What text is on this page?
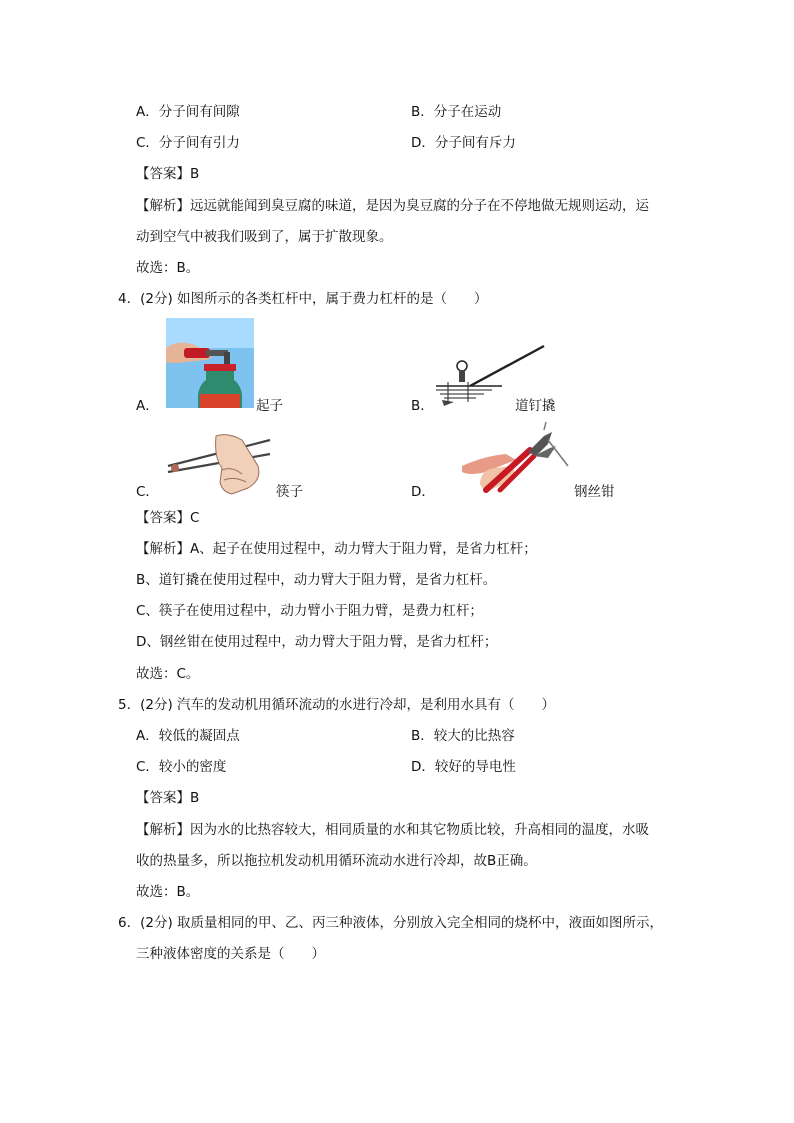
A．分子间有间隙	B．分子在运动
C．分子间有引力	D．分子间有斥力
【答案】B
【解析】远远就能闻到臭豆腐的味道，是因为臭豆腐的分子在不停地做无规则运动，运
动到空气中被我们吸到了，属于扩散现象。
故选：B。
4．(2分) 如图所示的各类杠杆中，属于费力杠杆的是（　　）
A．	起子	B．	道钉撬
C．	筷子	D．	钢丝钳
【答案】C
【解析】A、起子在使用过程中，动力臂大于阻力臂，是省力杠杆；
B、道钉撬在使用过程中，动力臂大于阻力臂，是省力杠杆。
C、筷子在使用过程中，动力臂小于阻力臂，是费力杠杆；
D、钢丝钳在使用过程中，动力臂大于阻力臂，是省力杠杆；
故选：C。
5．(2分) 汽车的发动机用循环流动的水进行冷却，是利用水具有（　　）
A．较低的凝固点	B．较大的比热容
C．较小的密度	D．较好的导电性
【答案】B
【解析】因为水的比热容较大，相同质量的水和其它物质比较，升高相同的温度，水吸
收的热量多，所以拖拉机发动机用循环流动水进行冷却，故B正确。
故选：B。
6．(2分) 取质量相同的甲、乙、丙三种液体，分别放入完全相同的烧杯中，液面如图所示，
三种液体密度的关系是（　　）
